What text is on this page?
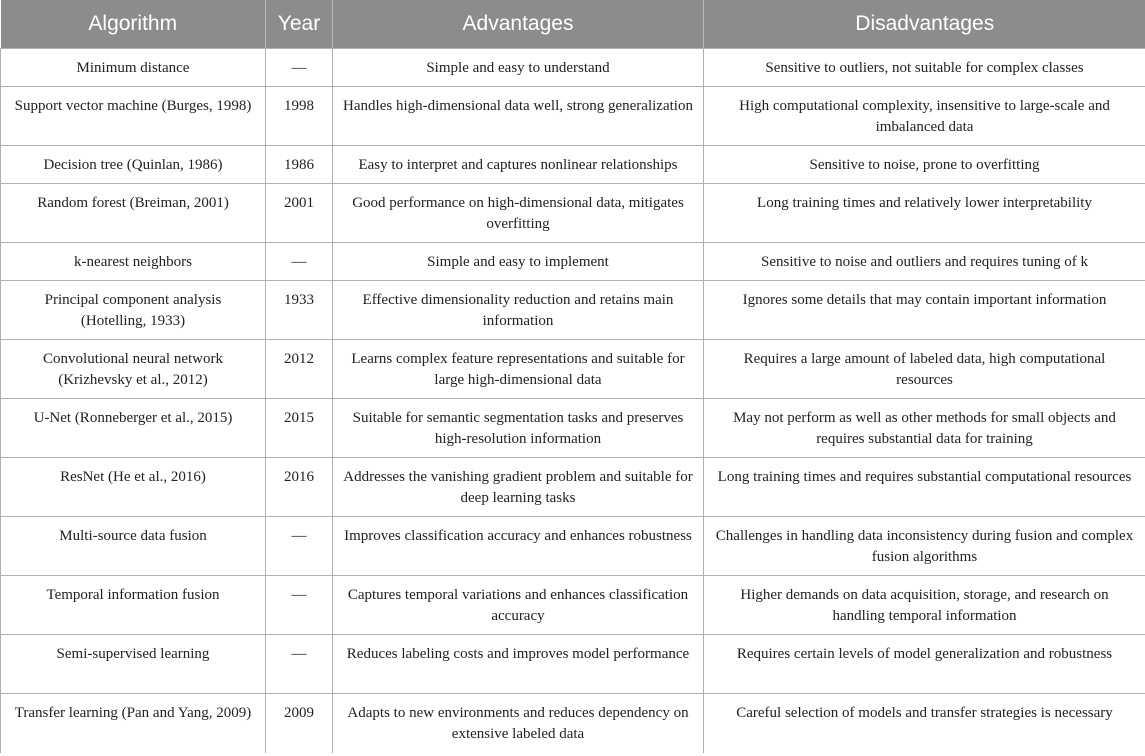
Algorithm	Year	Advantages	Disadvantages
Minimum distance	—	Simple and easy to understand	Sensitive to outliers, not suitable for complex classes
Support vector machine (Burges, 1998)	1998	Handles high-dimensional data well, strong generalization	High computational complexity, insensitive to large-scale and imbalanced data
Decision tree (Quinlan, 1986)	1986	Easy to interpret and captures nonlinear relationships	Sensitive to noise, prone to overfitting
Random forest (Breiman, 2001)	2001	Good performance on high-dimensional data, mitigates overfitting	Long training times and relatively lower interpretability
k-nearest neighbors	—	Simple and easy to implement	Sensitive to noise and outliers and requires tuning of k
Principal component analysis (Hotelling, 1933)	1933	Effective dimensionality reduction and retains main information	Ignores some details that may contain important information
Convolutional neural network (Krizhevsky et al., 2012)	2012	Learns complex feature representations and suitable for large high-dimensional data	Requires a large amount of labeled data, high computational resources
U-Net (Ronneberger et al., 2015)	2015	Suitable for semantic segmentation tasks and preserves high-resolution information	May not perform as well as other methods for small objects and requires substantial data for training
ResNet (He et al., 2016)	2016	Addresses the vanishing gradient problem and suitable for deep learning tasks	Long training times and requires substantial computational resources
Multi-source data fusion	—	Improves classification accuracy and enhances robustness	Challenges in handling data inconsistency during fusion and complex fusion algorithms
Temporal information fusion	—	Captures temporal variations and enhances classification accuracy	Higher demands on data acquisition, storage, and research on handling temporal information
Semi-supervised learning	—	Reduces labeling costs and improves model performance	Requires certain levels of model generalization and robustness
Transfer learning (Pan and Yang, 2009)	2009	Adapts to new environments and reduces dependency on extensive labeled data	Careful selection of models and transfer strategies is necessary
